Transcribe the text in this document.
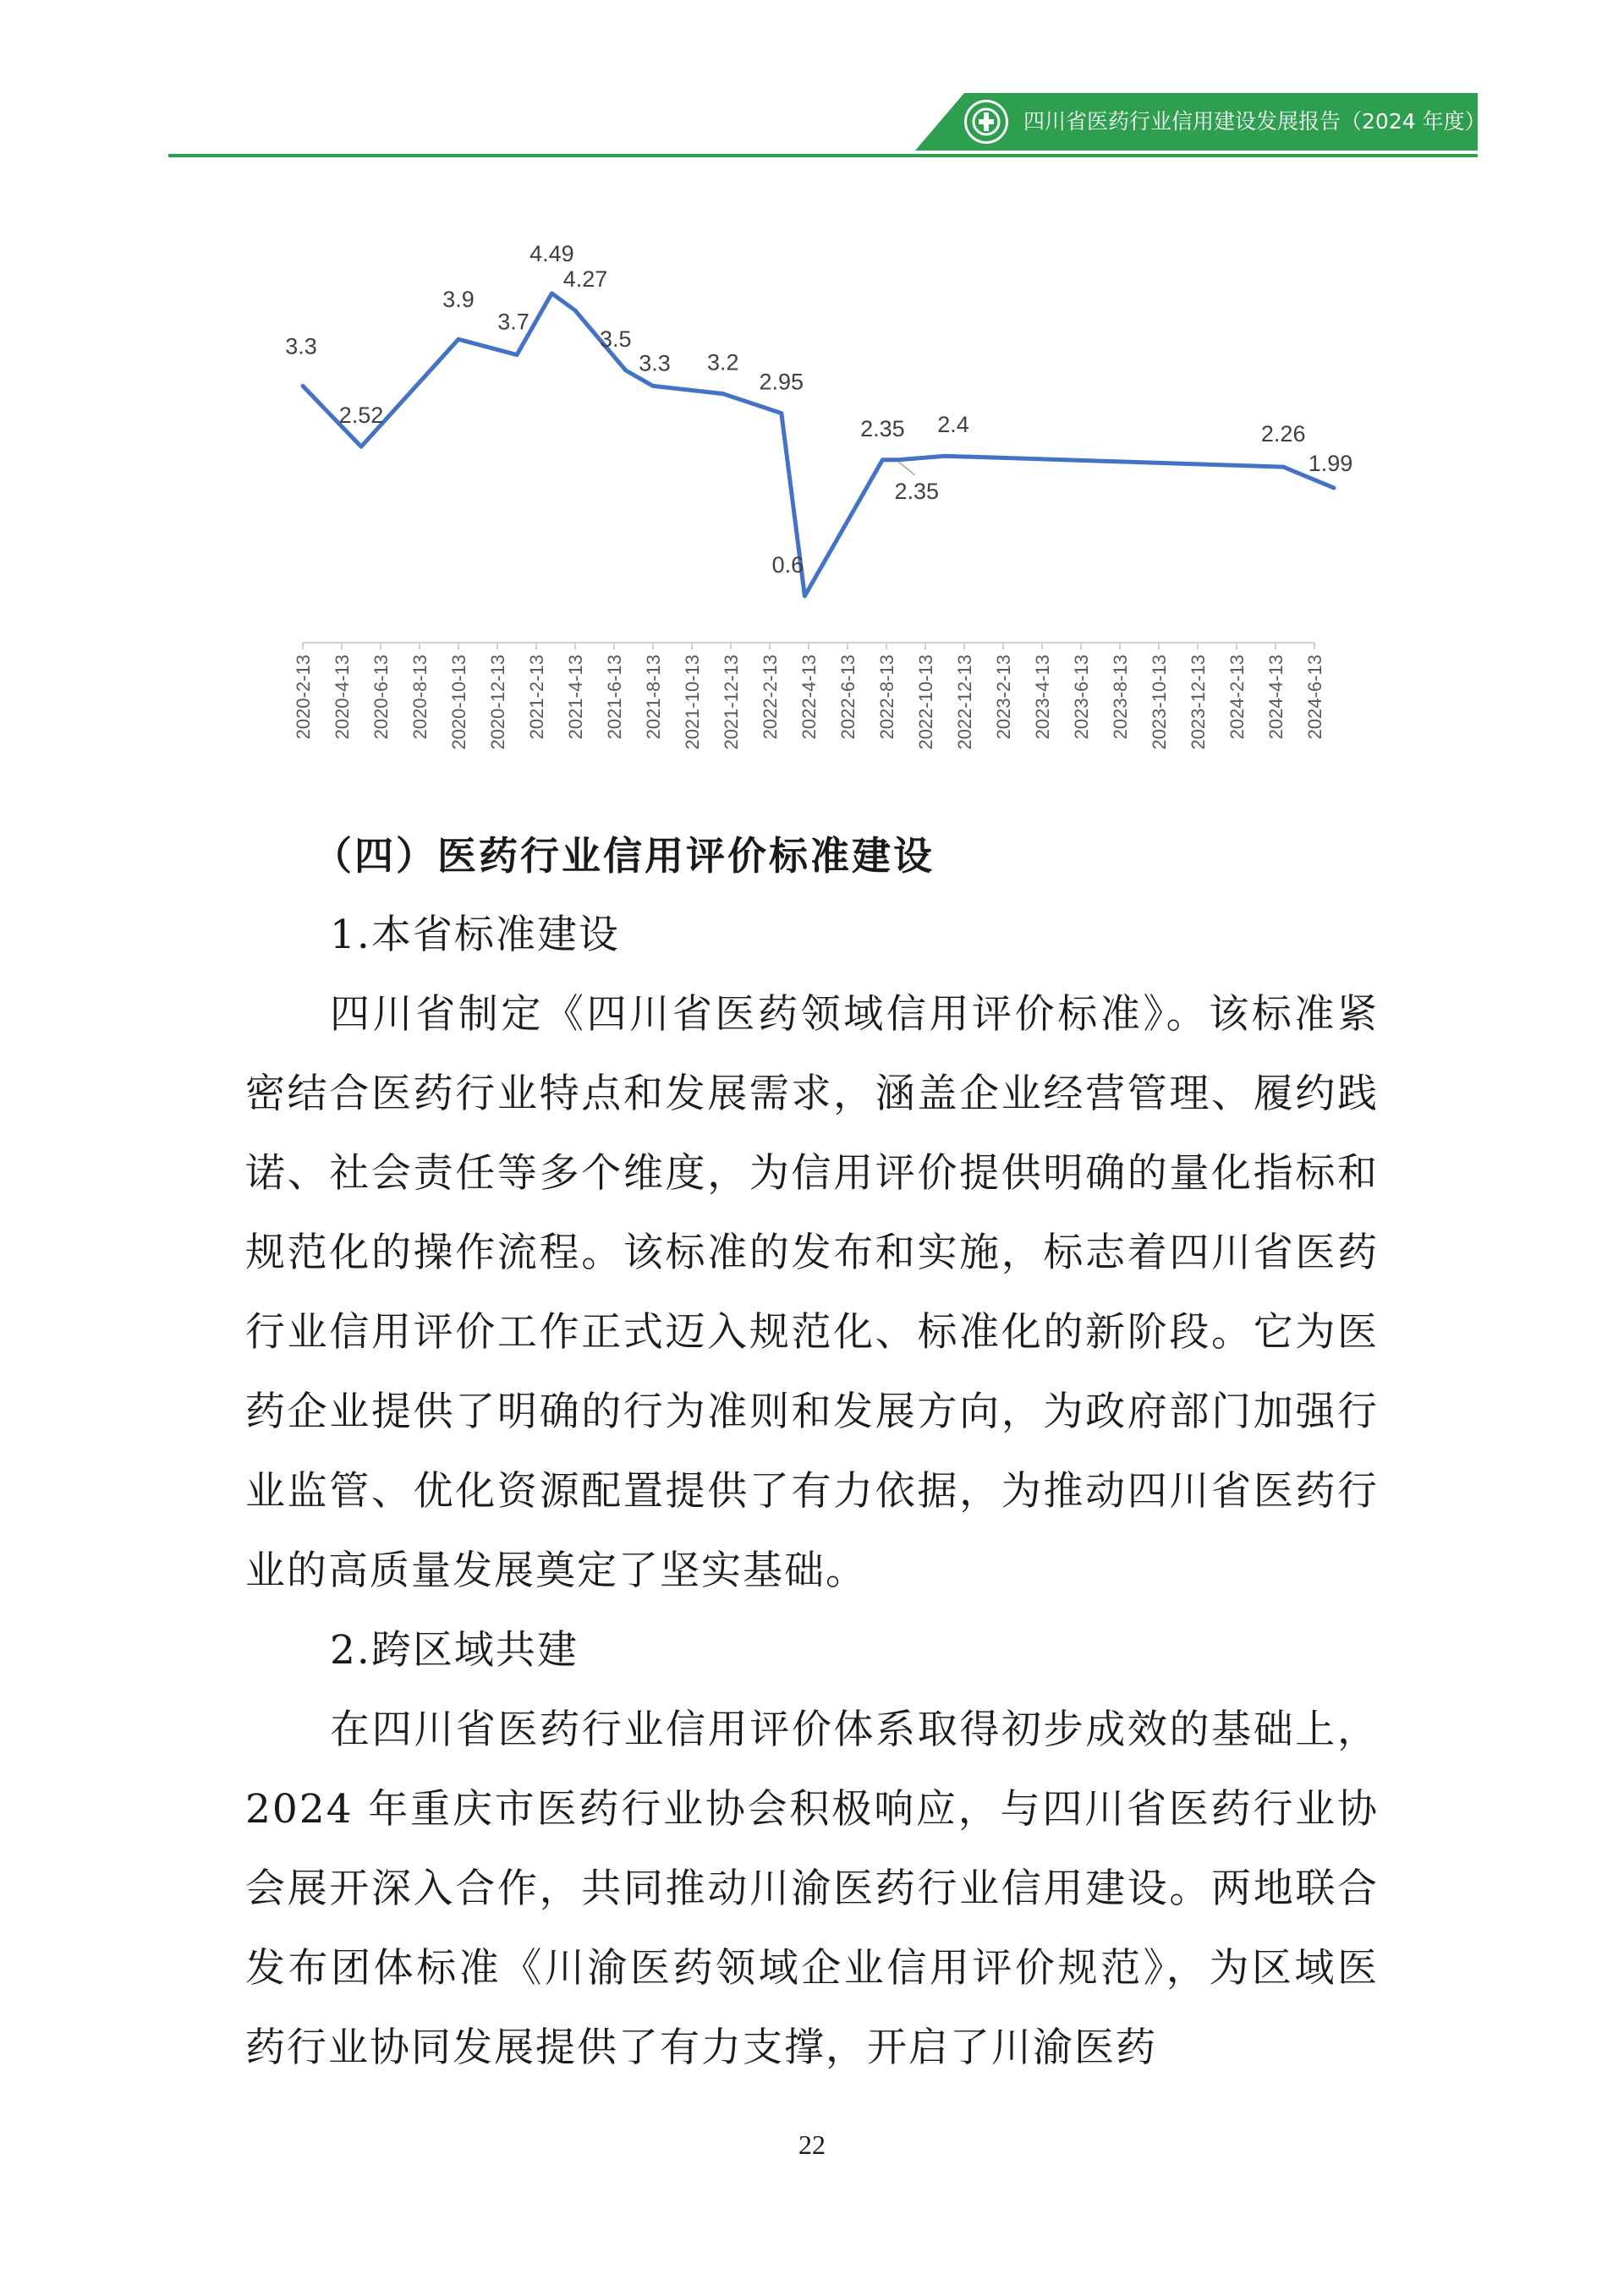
四川省医药行业信用建设发展报告（2024 年度）
2020-2-13 2020-4-13 2020-6-13 2020-8-13 2020-10-13 2020-12-13 2021-2-13 2021-4-13 2021-6-13 2021-8-13 2021-10-13 2021-12-13 2022-2-13 2022-4-13 2022-6-13 2022-8-13 2022-10-13 2022-12-13 2023-2-13 2023-4-13 2023-6-13 2023-8-13 2023-10-13 2023-12-13 2024-2-13 2024-4-13 2024-6-13
3.3
2.52
3.9
3.7
4.49
4.27
3.5
3.3 3.2
2.95
0.6
2.35
2.35
2.4	2.26
1.99

（四）医药行业信用评价标准建设

1.本省标准建设

四川省制定《四川省医药领域信用评价标准》。该标准紧密结合医药行业特点和发展需求，涵盖企业经营管理、履约践诺、社会责任等多个维度，为信用评价提供明确的量化指标和规范化的操作流程。该标准的发布和实施，标志着四川省医药行业信用评价工作正式迈入规范化、标准化的新阶段。它为医药企业提供了明确的行为准则和发展方向，为政府部门加强行业监管、优化资源配置提供了有力依据，为推动四川省医药行业的高质量发展奠定了坚实基础。

2.跨区域共建

在四川省医药行业信用评价体系取得初步成效的基础上，2024 年重庆市医药行业协会积极响应，与四川省医药行业协会展开深入合作，共同推动川渝医药行业信用建设。两地联合发布团体标准《川渝医药领域企业信用评价规范》，为区域医药行业协同发展提供了有力支撑，开启了川渝医药

22
